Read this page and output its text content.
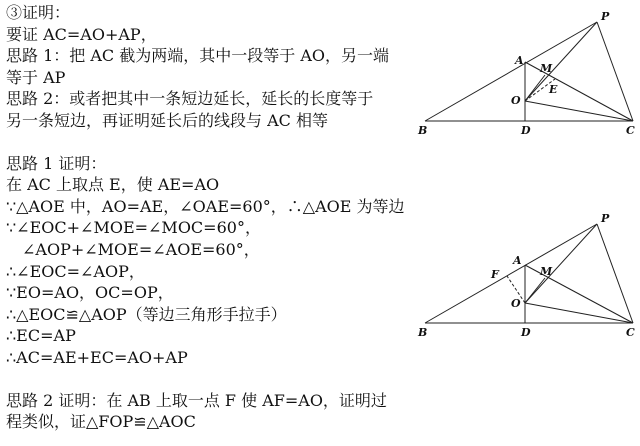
③证明：
要证 AC=AO+AP，
思路 1：把 AC 截为两端，其中一段等于 AO，另一端
等于 AP
思路 2：或者把其中一条短边延长，延长的长度等于
另一条短边，再证明延长后的线段与 AC 相等
思路 1 证明：
在 AC 上取点 E，使 AE=AO
∵△AOE 中，AO=AE，∠OAE=60°，∴△AOE 为等边
∵∠EOC+∠MOE=∠MOC=60°，
∠AOP+∠MOE=∠AOE=60°，
∴∠EOC=∠AOP，
∵EO=AO，OC=OP，
∴△EOC≌△AOP（等边三角形手拉手）
∴EC=AP
∴AC=AE+EC=AO+AP
思路 2 证明：在 AB 上取一点 F 使 AF=AO，证明过
程类似，证△FOP≌△AOC
P
A
M
E
O
B	D	C
P
A
M
F
O
B	D	C
